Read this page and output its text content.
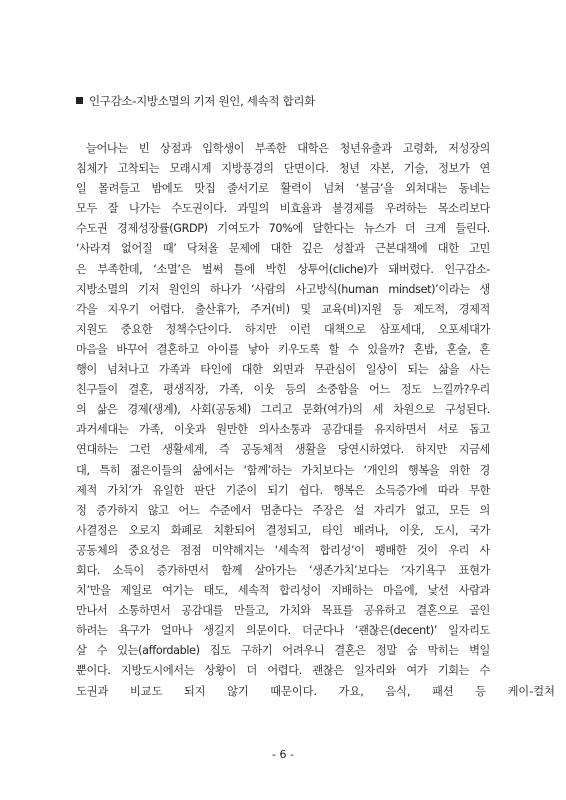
인구감소-지방소멸의 기저 원인, 세속적 합리화
늘어나는 빈 상점과 입학생이 부족한 대학은 청년유출과 고령화, 저성장의
침체가 고착되는 모래시계 지방풍경의 단면이다. 청년 자본, 기술, 정보가 연
일 몰려들고 밤에도 맛집 줄서기로 활력이 넘쳐 ‘불금’을 외쳐대는 동네는
모두 잘 나가는 수도권이다. 과밀의 비효율과 불경제를 우려하는 목소리보다
수도권 경제성장률(GRDP) 기여도가 70%에 달한다는 뉴스가 더 크게 들린다.
‘사라져 없어질 때’ 닥쳐올 문제에 대한 깊은 성찰과 근본대책에 대한 고민
은 부족한데, ‘소멸’은 벌써 틀에 박힌 상투어(cliche)가 돼버렸다. 인구감소-
지방소멸의 기저 원인의 하나가 ‘사람의 사고방식(human mindset)’이라는 생
각을 지우기 어렵다. 출산휴가, 주거(비) 및 교육(비)지원 등 제도적, 경제적
지원도 중요한 정책수단이다. 하지만 이런 대책으로 삼포세대, 오포세대가
마음을 바꾸어 결혼하고 아이를 낳아 키우도록 할 수 있을까? 혼밥, 혼술, 혼
행이 넘쳐나고 가족과 타인에 대한 외면과 무관심이 일상이 되는 삶을 사는
친구들이 결혼, 평생직장, 가족, 이웃 등의 소중함을 어느 정도 느낄까?우리
의 삶은 경제(생계), 사회(공동체) 그리고 문화(여가)의 세 차원으로 구성된다.
과거세대는 가족, 이웃과 원만한 의사소통과 공감대를 유지하면서 서로 돕고
연대하는 그런 생활세계, 즉 공동체적 생활을 당연시하였다. 하지만 지금세
대, 특히 젊은이들의 삶에서는 ‘함께’하는 가치보다는 ‘개인의 행복을 위한 경
제적 가치’가 유일한 판단 기준이 되기 쉽다. 행복은 소득증가에 따라 무한
정 증가하지 않고 어느 수준에서 멈춘다는 주장은 설 자리가 없고, 모든 의
사결정은 오로지 화폐로 치환되어 결정되고, 타인 배려나, 이웃, 도시, 국가
공동체의 중요성은 점점 미약해지는 ‘세속적 합리성’이 팽배한 것이 우리 사
회다. 소득이 증가하면서 함께 살아가는 ‘생존가치’보다는 ‘자기욕구 표현가
치’만을 제일로 여기는 태도, 세속적 합리성이 지배하는 마음에, 낯선 사람과
만나서 소통하면서 공감대를 만들고, 가치와 목표를 공유하고 결혼으로 골인
하려는 욕구가 얼마나 생길지 의문이다. 더군다나 ‘괜찮은(decent)’ 일자리도
살 수 있는(affordable) 집도 구하기 어려우니 결혼은 정말 숨 막히는 벽일
뿐이다. 지방도시에서는 상황이 더 어렵다. 괜찮은 일자리와 여가 기회는 수
도권과 비교도 되지 않기 때문이다. 가요, 음식, 패션 등 케이-컬쳐
- 6 -
